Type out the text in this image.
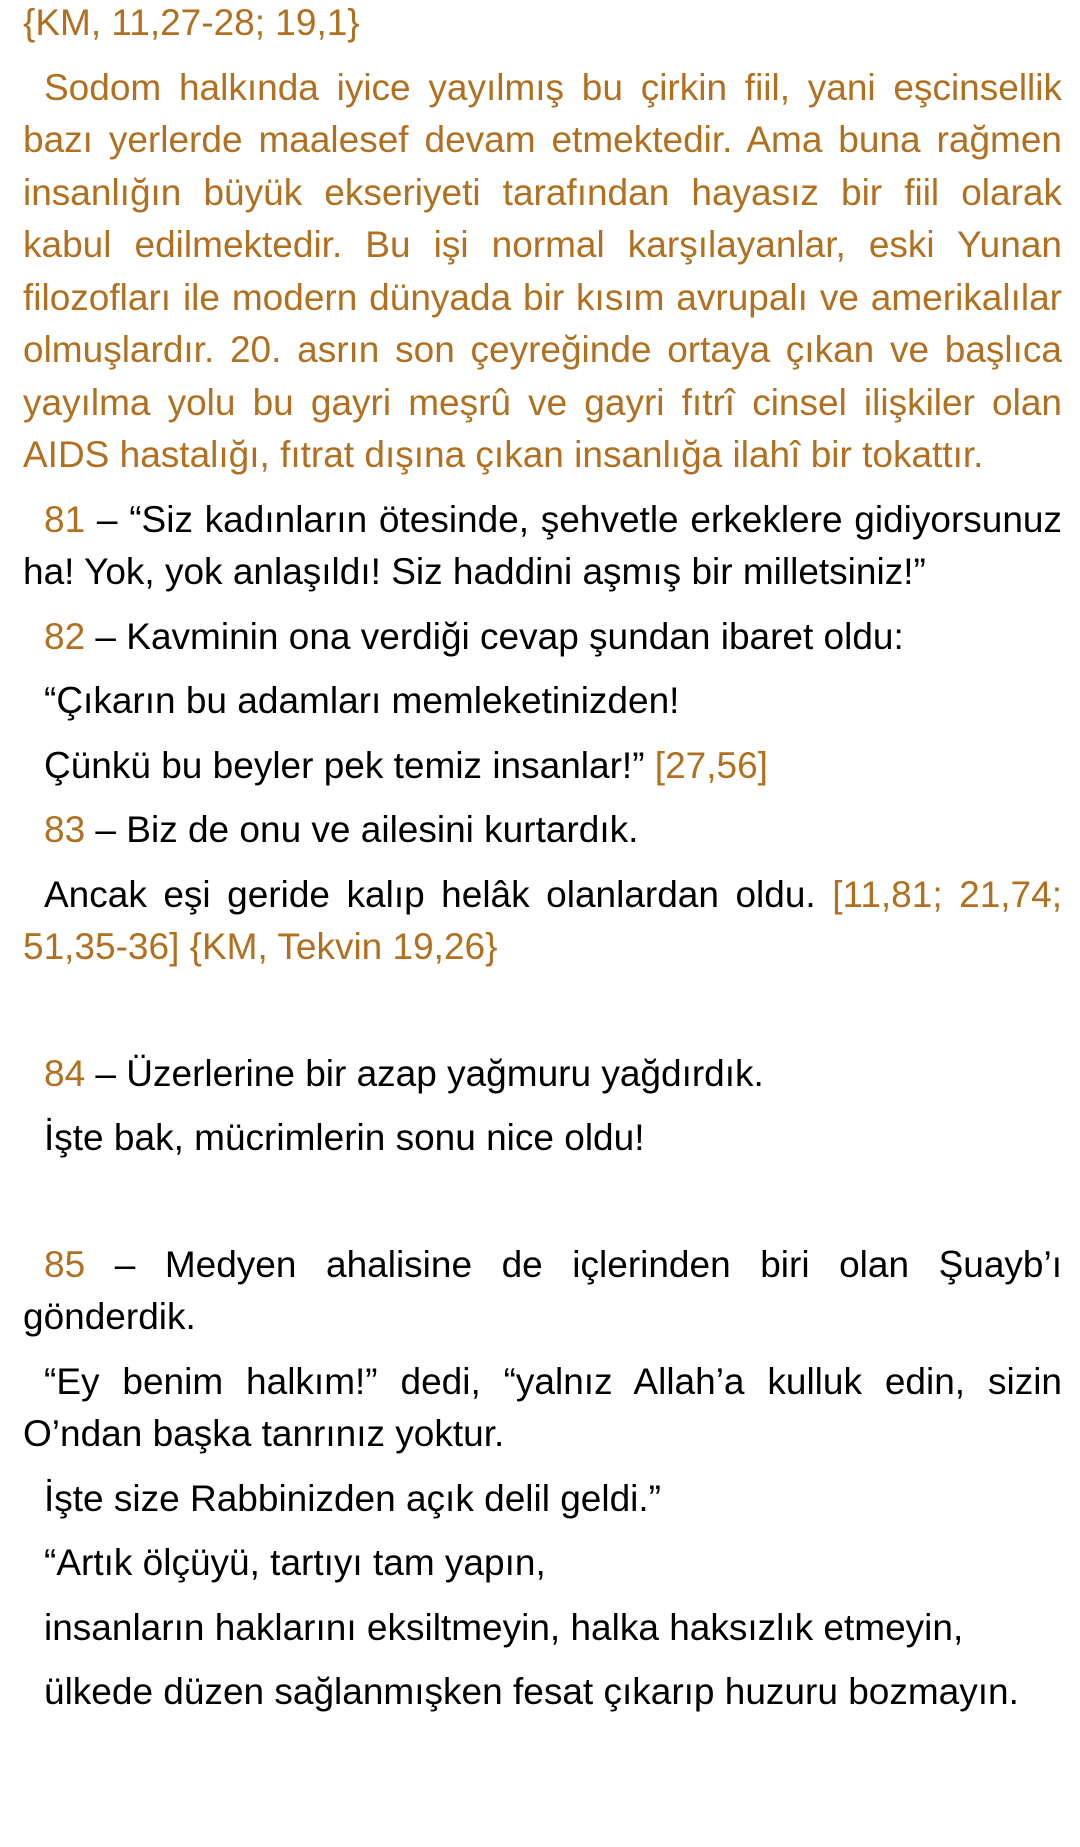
{KM, 11,27-28; 19,1}

Sodom halkında iyice yayılmış bu çirkin fiil, yani eşcinsellik bazı yerlerde maalesef devam etmektedir. Ama buna rağmen insanlığın büyük ekseriyeti tarafından hayasız bir fiil olarak kabul edilmektedir. Bu işi normal karşılayanlar, eski Yunan filozofları ile modern dünyada bir kısım avrupalı ve amerikalılar olmuşlardır. 20. asrın son çeyreğinde ortaya çıkan ve başlıca yayılma yolu bu gayri meşrû ve gayri fıtrî cinsel ilişkiler olan AIDS hastalığı, fıtrat dışına çıkan insanlığa ilahî bir tokattır.

81 – “Siz kadınların ötesinde, şehvetle erkeklere gidiyorsunuz ha! Yok, yok anlaşıldı! Siz haddini aşmış bir milletsiniz!”

82 – Kavminin ona verdiği cevap şundan ibaret oldu:

“Çıkarın bu adamları memleketinizden!

Çünkü bu beyler pek temiz insanlar!” [27,56]

83 – Biz de onu ve ailesini kurtardık.

Ancak eşi geride kalıp helâk olanlardan oldu. [11,81; 21,74; 51,35-36] {KM, Tekvin 19,26}

84 – Üzerlerine bir azap yağmuru yağdırdık.

İşte bak, mücrimlerin sonu nice oldu!

85 – Medyen ahalisine de içlerinden biri olan Şuayb’ı gönderdik.

“Ey benim halkım!” dedi, “yalnız Allah’a kulluk edin, sizin O’ndan başka tanrınız yoktur.

İşte size Rabbinizden açık delil geldi.”

“Artık ölçüyü, tartıyı tam yapın,

insanların haklarını eksiltmeyin, halka haksızlık etmeyin,

ülkede düzen sağlanmışken fesat çıkarıp huzuru bozmayın.
